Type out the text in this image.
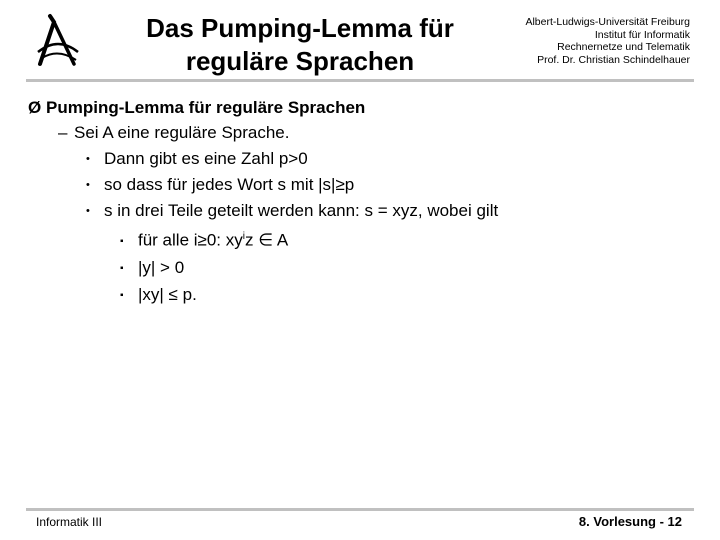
Das Pumping-Lemma für
reguläre Sprachen
Albert-Ludwigs-Universität Freiburg
Institut für Informatik
Rechnernetze und Telematik
Prof. Dr. Christian Schindelhauer
Ø Pumping-Lemma für reguläre Sprachen
– Sei A eine reguläre Sprache.
• Dann gibt es eine Zahl p>0
• so dass für jedes Wort s mit |s|≥p
• s in drei Teile geteilt werden kann: s = xyz, wobei gilt
▪ für alle i≥0: $xy^iz$ ∈ A
▪ |y| > 0
▪ |xy| ≤ p.
Informatik III	8. Vorlesung - 12
